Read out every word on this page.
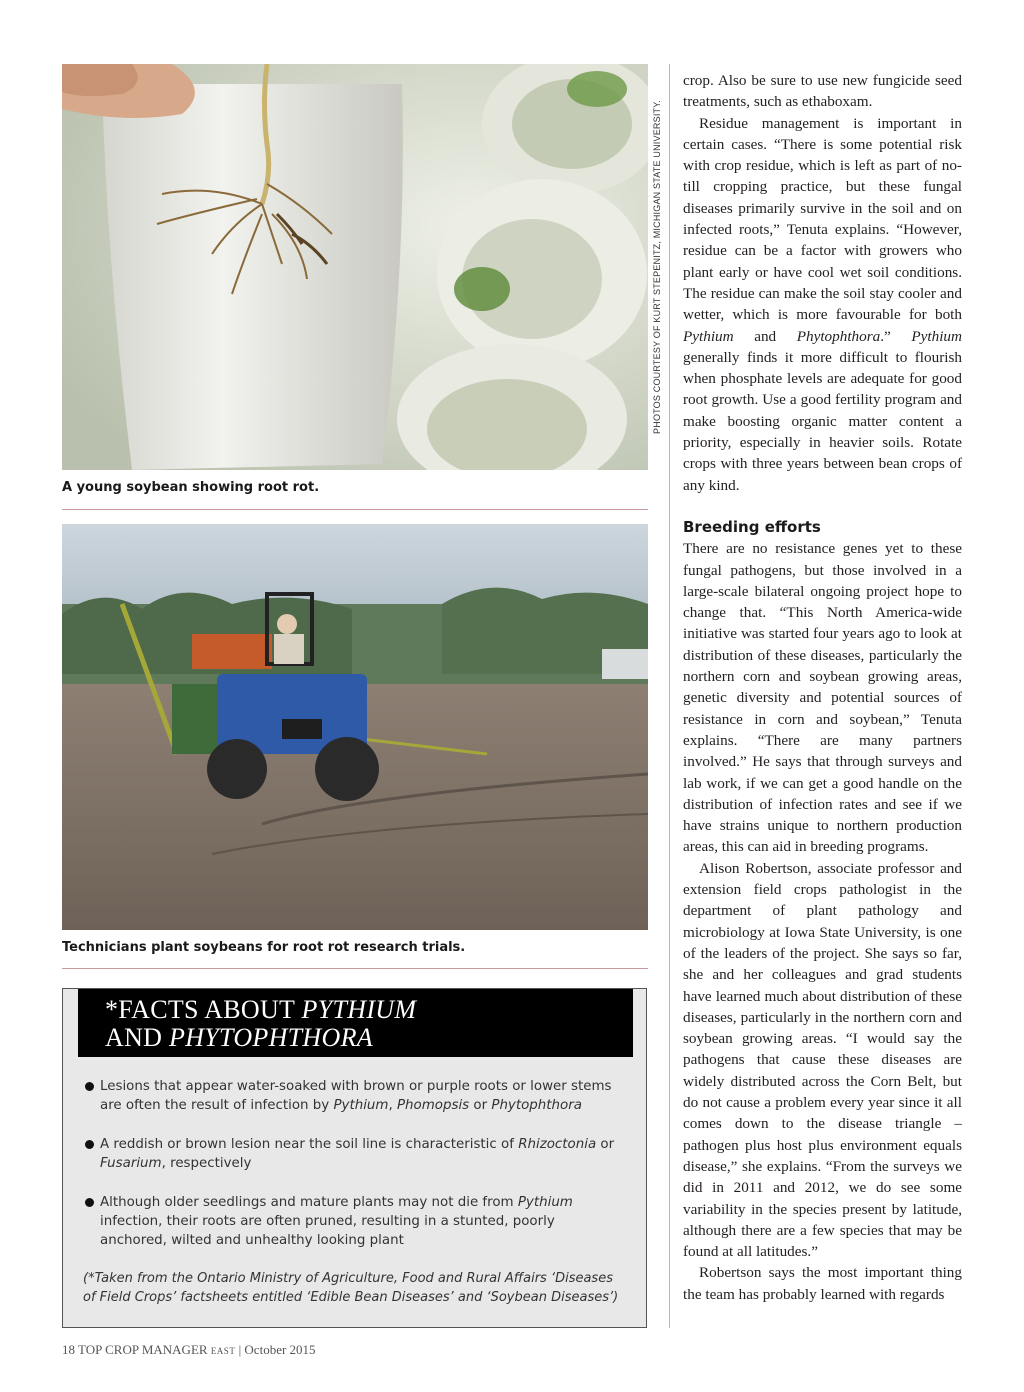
PHOTOS COURTESY OF KURT STEPENITZ, MICHIGAN STATE UNIVERSITY.
A young soybean showing root rot.
Technicians plant soybeans for root rot research trials.
*FACTS ABOUT PYTHIUM
AND PHYTOPHTHORA
Lesions that appear water-soaked with brown or purple roots or lower stems are often the result of infection by Pythium, Phomopsis or Phytophthora
A reddish or brown lesion near the soil line is characteristic of Rhizoctonia or Fusarium, respectively
Although older seedlings and mature plants may not die from Pythium infection, their roots are often pruned, resulting in a stunted, poorly anchored, wilted and unhealthy looking plant
(*Taken from the Ontario Ministry of Agriculture, Food and Rural Affairs ‘Diseases of Field Crops’ factsheets entitled ‘Edible Bean Diseases’ and ‘Soybean Diseases’)

crop. Also be sure to use new fungicide seed treatments, such as ethaboxam.

Residue management is important in certain cases. “There is some potential risk with crop residue, which is left as part of no-till cropping practice, but these fungal diseases primarily survive in the soil and on infected roots,” Tenuta explains. “However, residue can be a factor with growers who plant early or have cool wet soil conditions. The residue can make the soil stay cooler and wetter, which is more favourable for both Pythium and Phytophthora.” Pythium generally finds it more difficult to flourish when phosphate levels are adequate for good root growth. Use a good fertility program and make boosting organic matter content a priority, especially in heavier soils. Rotate crops with three years between bean crops of any kind.

Breeding efforts

There are no resistance genes yet to these fungal pathogens, but those involved in a large-scale bilateral ongoing project hope to change that. “This North America-wide initiative was started four years ago to look at distribution of these diseases, particularly the northern corn and soybean growing areas, genetic diversity and potential sources of resistance in corn and soybean,” Tenuta explains. “There are many partners involved.” He says that through surveys and lab work, if we can get a good handle on the distribution of infection rates and see if we have strains unique to northern production areas, this can aid in breeding programs.

Alison Robertson, associate professor and extension field crops pathologist in the department of plant pathology and microbiology at Iowa State University, is one of the leaders of the project. She says so far, she and her colleagues and grad students have learned much about distribution of these diseases, particularly in the northern corn and soybean growing areas. “I would say the pathogens that cause these diseases are widely distributed across the Corn Belt, but do not cause a problem every year since it all comes down to the disease triangle – pathogen plus host plus environment equals disease,” she explains. “From the surveys we did in 2011 and 2012, we do see some variability in the species present by latitude, although there are a few species that may be found at all latitudes.”

Robertson says the most important thing the team has probably learned with regards

18 TOP CROP MANAGER EAST | October 2015
